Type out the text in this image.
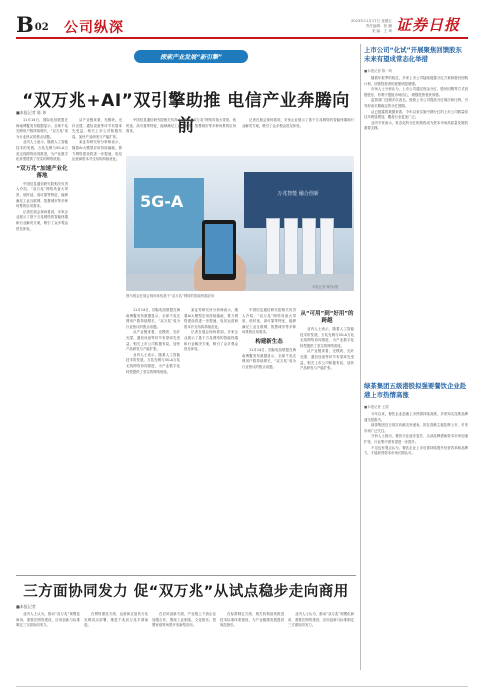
B02 公司纵深	2023年11月17日 星期五
责任编辑：张 鹏
美 编：王 琦 证券日报
探索产业发展“新引擎”
“双万兆+AI”双引擎助推 电信产业奔腾向前
■本报记者 陈 炜

11月14日，国际电信联盟在海南博鳌发布数据显示，全球千兆光网用户数持续增长，“双万兆”成为行业热议的焦点话题。

业内人士表示，随着人工智能技术的发展，万兆光网与5G-A万兆无线网络协同推进，为产业数字化转型提供了坚实的网络底座。

“双万兆”加速产业化落地

中国信息通信研究院相关负责人介绍，“双万兆”网络具备大带宽、低时延、高可靠等特征，能够满足工业互联网、智慧城市等多种场景的应用需求。

记者在展会现场看到，多家企业展示了基于万兆网络的智能终端和行业解决方案，吸引了众多观众驻足体验。

从产业链来看，光模块、光纤光缆、通信设备等环节有望率先受益，相关上市公司积极布局，加快产品研发与产能扩张。

某证券研究所分析师表示，随着AI大模型应用持续落地，算力网络建设将进一步提速，电信运营商资本开支结构持续优化。

中国信息通信研究院相关负责人介绍，“双万兆”网络具备大带宽、低时延、高可靠等特征，能够满足工业互联网、智慧城市等多种场景的应用需求。

记者在展会现场看到，多家企业展示了基于万兆网络的智能终端和行业解决方案，吸引了众多观众驻足体验。

5G-A	万兆智能 融合创新
本报记者 陈炜/摄
图为观众在展会现场体验基于“双万兆”网络的智能终端应用

11月14日，国际电信联盟在海南博鳌发布数据显示，全球千兆光网用户数持续增长，“双万兆”成为行业热议的焦点话题。

从产业链来看，光模块、光纤光缆、通信设备等环节有望率先受益，相关上市公司积极布局，加快产品研发与产能扩张。

业内人士表示，随着人工智能技术的发展，万兆光网与5G-A万兆无线网络协同推进，为产业数字化转型提供了坚实的网络底座。

某证券研究所分析师表示，随着AI大模型应用持续落地，算力网络建设将进一步提速，电信运营商资本开支结构持续优化。

记者在展会现场看到，多家企业展示了基于万兆网络的智能终端和行业解决方案，吸引了众多观众驻足体验。

中国信息通信研究院相关负责人介绍，“双万兆”网络具备大带宽、低时延、高可靠等特征，能够满足工业互联网、智慧城市等多种场景的应用需求。

构建新生态

11月14日，国际电信联盟在海南博鳌发布数据显示，全球千兆光网用户数持续增长，“双万兆”成为行业热议的焦点话题。

从“可用”到“好用”的跨越

业内人士表示，随着人工智能技术的发展，万兆光网与5G-A万兆无线网络协同推进，为产业数字化转型提供了坚实的网络底座。

从产业链来看，光模块、光纤光缆、通信设备等环节有望率先受益，相关上市公司积极布局，加快产品研发与产能扩张。

三方面协同发力 促“双万兆”从试点稳步走向商用
■本报记者

业内人士认为，推动“双万兆”规模化商用，需要在网络建设、应用创新与标准制定三方面协同发力。

在网络建设方面，运营商正加快万兆光网试点部署，推进千兆向万兆平滑演进。

在应用创新方面，产业链上下游企业加强合作，围绕工业制造、文化娱乐、智慧家庭等场景开发新型应用。

在标准制定方面，相关机构加快推进技术标准体系建设，为产业健康发展提供规范指引。

业内人士认为，推动“双万兆”规模化商用，需要在网络建设、应用创新与标准制定三方面协同发力。

上市公司“化试”开展聚焦回馈股东未来有望成常态化举措
■本报记者 陈一鸣

随着年报季的临近，多家上市公司陆续披露分红方案和股份回购计划，回馈投资者的意愿明显增强。

市场人士分析认为，上市公司通过现金分红、股份回购等方式回报股东，有利于提振市场信心，增强投资者获得感。

监管部门近期多次表态，鼓励上市公司提高分红频次和比例，引导形成长期稳定的分红预期。

从已披露的数据来看，今年以来实施中期分红的上市公司数量较往年明显增加，覆盖行业更加广泛。

业内专家表示，常态化的分红机制将成为资本市场高质量发展的重要支撑。

绿茶集团五级港股拟强要餐饮企业赴港上市热情高涨
■本报记者 王僖

今年以来，餐饮企业赴港上市热情持续高涨，多家知名连锁品牌递交招股书。

绿茶集团近日再次向港交所递表，拟在香港主板挂牌上市，引发市场广泛关注。

分析人士指出，餐饮行业逐步复苏，头部品牌借助资本市场加速扩张，行业集中度有望进一步提升。

不过也有观点认为，餐饮企业上市后需持续提升经营效率和品牌力，才能获得资本市场长期认可。
